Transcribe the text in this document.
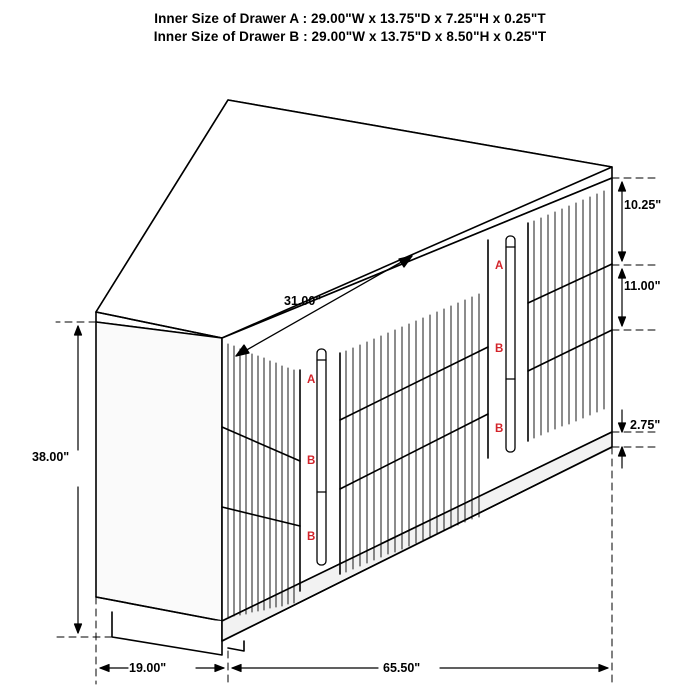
Inner Size of Drawer A : 29.00"W x 13.75"D x 7.25"H x 0.25"T
Inner Size of Drawer B : 29.00"W x 13.75"D x 8.50"H x 0.25"T
10.25"
11.00"
2.75"
31.00"
38.00"
19.00"	65.50"
A
B
B
A
B
B
